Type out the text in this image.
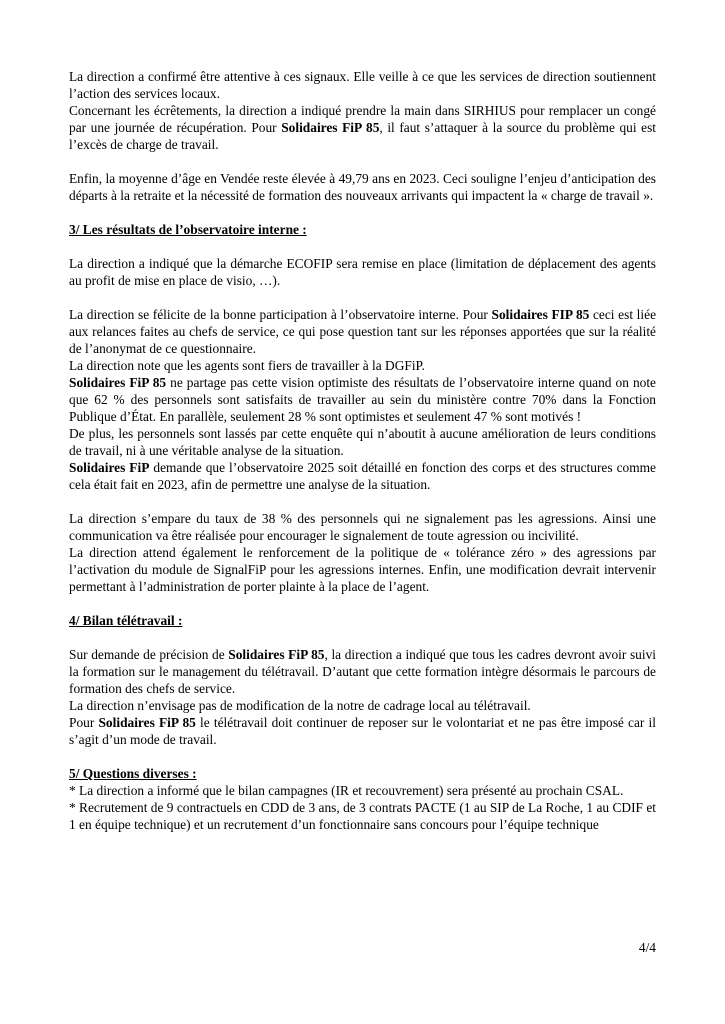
La direction a confirmé être attentive à ces signaux. Elle veille à ce que les services de direction soutiennent l’action des services locaux.

Concernant les écrêtements, la direction a indiqué prendre la main dans SIRHIUS pour remplacer un congé par une journée de récupération. Pour Solidaires FiP 85, il faut s’attaquer à la source du problème qui est l’excès de charge de travail.

Enfin, la moyenne d’âge en Vendée reste élevée à 49,79 ans en 2023. Ceci souligne l’enjeu d’anticipation des départs à la retraite et la nécessité de formation des nouveaux arrivants qui impactent la « charge de travail ».

3/ Les résultats de l’observatoire interne :

La direction a indiqué que la démarche ECOFIP sera remise en place (limitation de déplacement des agents au profit de mise en place de visio, …).

La direction se félicite de la bonne participation à l’observatoire interne. Pour Solidaires FIP 85 ceci est liée aux relances faites au chefs de service, ce qui pose question tant sur les réponses apportées que sur la réalité de l’anonymat de ce questionnaire.

La direction note que les agents sont fiers de travailler à la DGFiP.

Solidaires FiP 85 ne partage pas cette vision optimiste des résultats de l’observatoire interne quand on note que 62 % des personnels sont satisfaits de travailler au sein du ministère contre 70% dans la Fonction Publique d’État. En parallèle, seulement 28 % sont optimistes et seulement 47 % sont motivés !

De plus, les personnels sont lassés par cette enquête qui n’aboutit à aucune amélioration de leurs conditions de travail, ni à une véritable analyse de la situation.

Solidaires FiP demande que l’observatoire 2025 soit détaillé en fonction des corps et des structures comme cela était fait en 2023, afin de permettre une analyse de la situation.

La direction s’empare du taux de 38 % des personnels qui ne signalement pas les agressions. Ainsi une communication va être réalisée pour encourager le signalement de toute agression ou incivilité.

La direction attend également le renforcement de la politique de « tolérance zéro » des agressions par l’activation du module de SignalFiP pour les agressions internes. Enfin, une modification devrait intervenir permettant à l’administration de porter plainte à la place de l’agent.

4/ Bilan télétravail :

Sur demande de précision de Solidaires FiP 85, la direction a indiqué que tous les cadres devront avoir suivi la formation sur le management du télétravail. D’autant que cette formation intègre désormais le parcours de formation des chefs de service.

La direction n’envisage pas de modification de la notre de cadrage local au télétravail.

Pour Solidaires FiP 85 le télétravail doit continuer de reposer sur le volontariat et ne pas être imposé car il s’agit d’un mode de travail.

5/ Questions diverses :

* La direction a informé que le bilan campagnes (IR et recouvrement) sera présenté au prochain CSAL.

* Recrutement de 9 contractuels en CDD de 3 ans, de 3 contrats PACTE (1 au SIP de La Roche, 1 au CDIF et 1 en équipe technique) et un recrutement d’un fonctionnaire sans concours pour l’équipe technique

4/4
